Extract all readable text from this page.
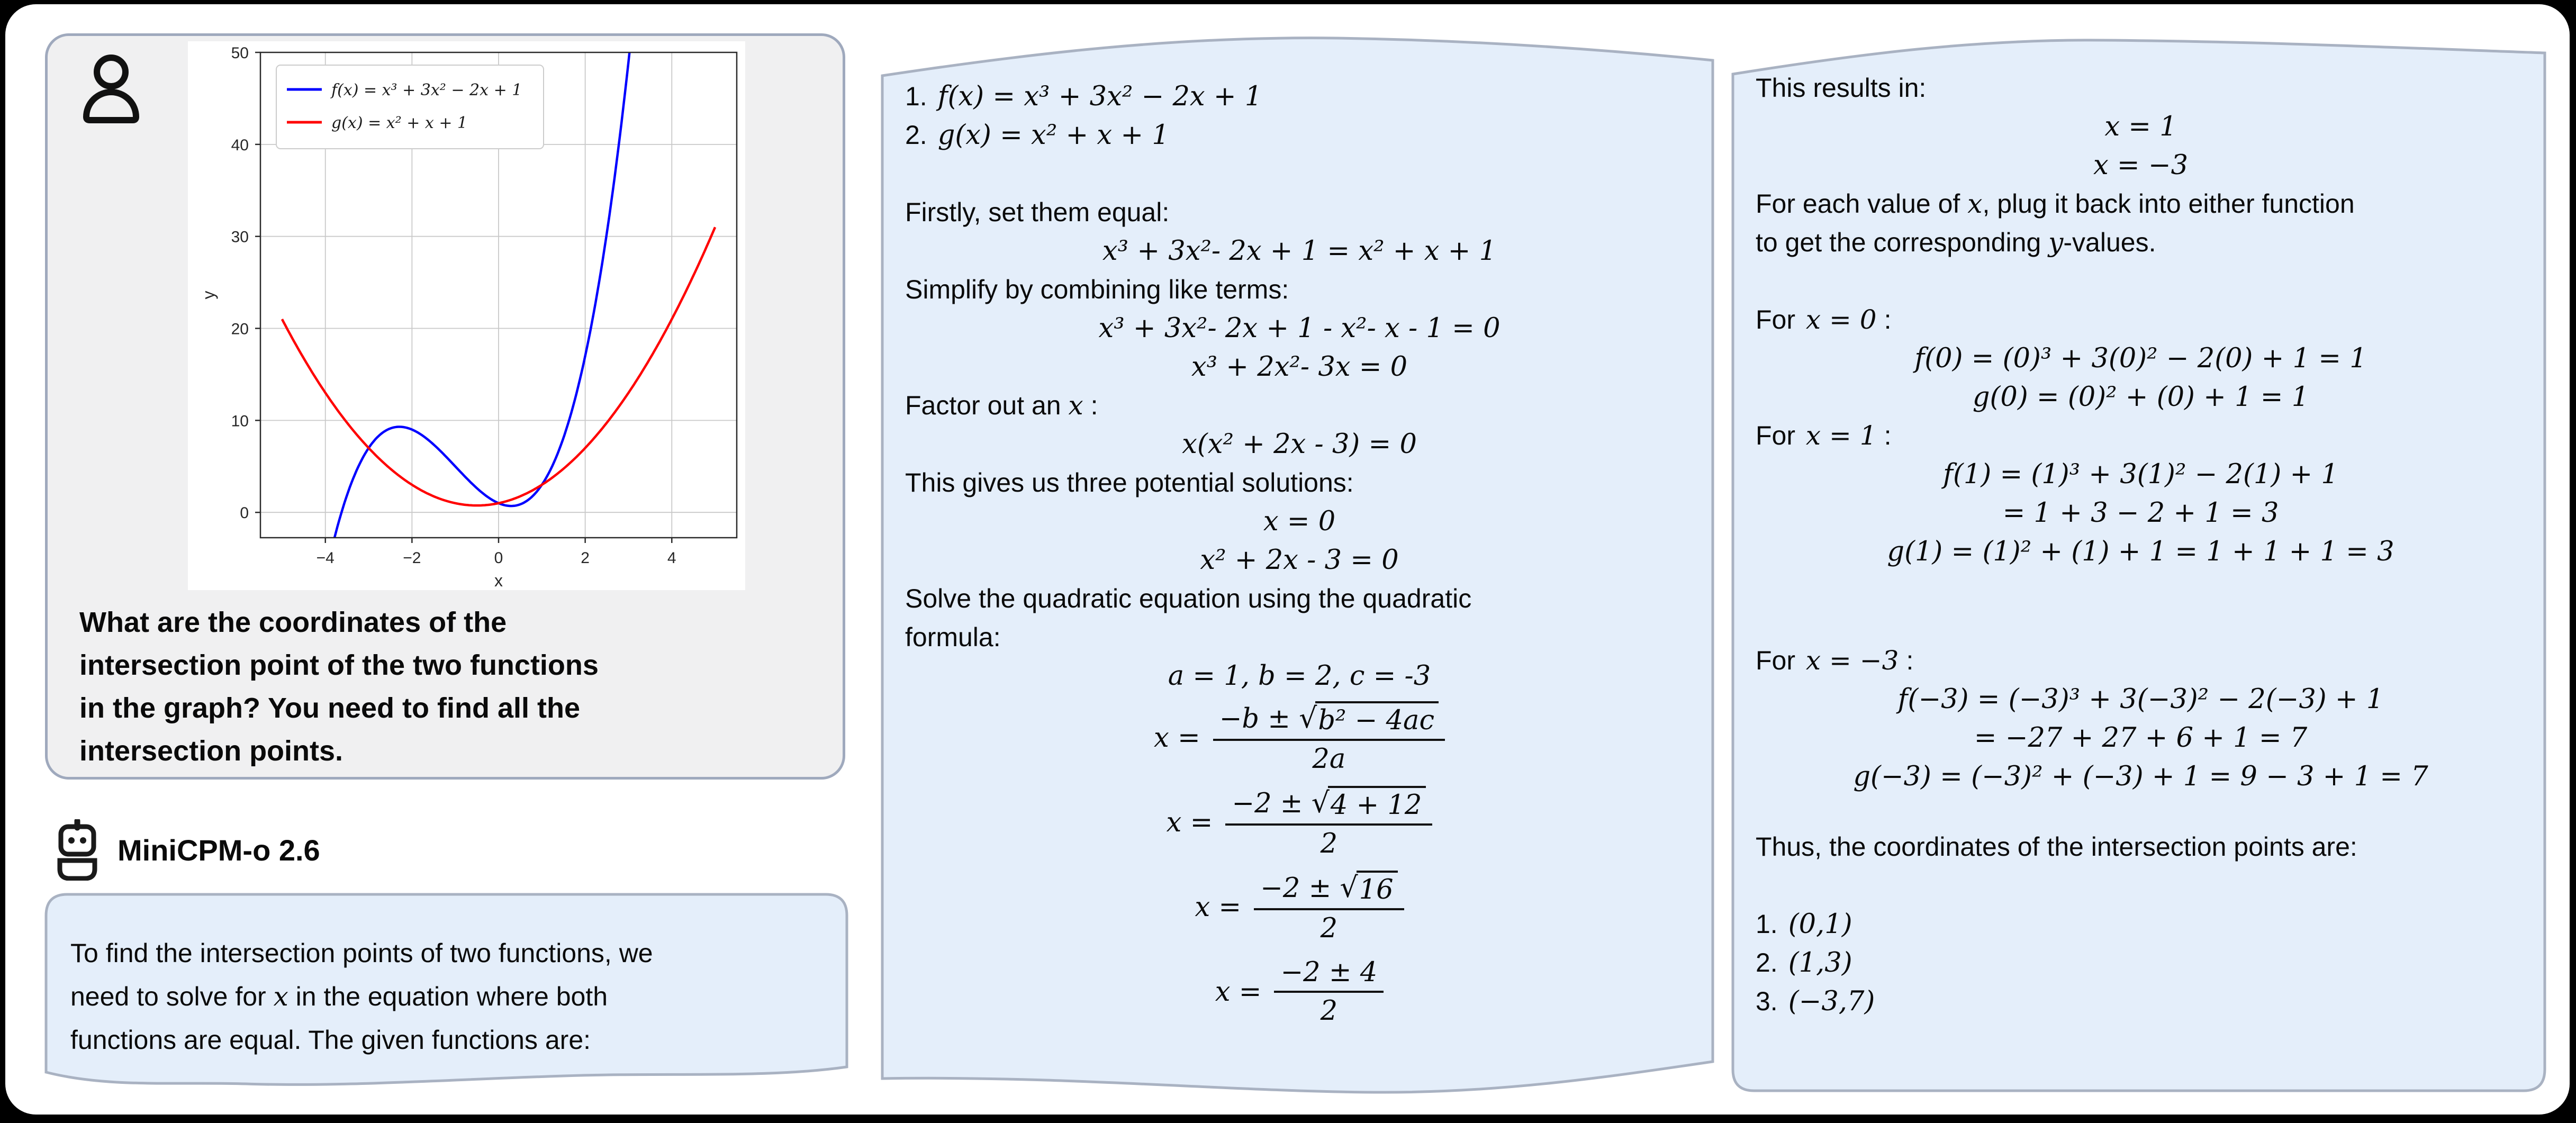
−4	−2	0	2	4
0
10
20
30
40
50
x
y
f(x) = x³ + 3x² − 2x + 1
g(x) = x² + x + 1
What are the coordinates of the
intersection point of the two functions
in the graph? You need to find all the
intersection points.
MiniCPM-o 2.6
To find the intersection points of two functions, we
need to solve for x in the equation where both
functions are equal. The given functions are:
1. f(x) = x³ + 3x² − 2x + 1
2. g(x) = x² + x + 1
Firstly, set them equal:
x³ + 3x²- 2x + 1 = x² + x + 1
Simplify by combining like terms:
x³ + 3x²- 2x + 1 - x²- x - 1 = 0
x³ + 2x²- 3x = 0
Factor out an x :
x(x² + 2x - 3) = 0
This gives us three potential solutions:
x = 0
x² + 2x - 3 = 0
Solve the quadratic equation using the quadratic
formula:
a = 1, b = 2, c = -3
$x = \frac{\text{−b ± √ b² − 4ac}}{2a}$
$x = \frac{-2 \pm √ 4 + 12}{2}$
$x = \frac{-2 \pm √ 16}{2}$
$x = \frac{-2 \pm 4}{2}$
This results in:
x = 1
x = −3
For each value of x, plug it back into either function
to get the corresponding y-values.
For x = 0 :
f(0) = (0)³ + 3(0)² − 2(0) + 1 = 1
g(0) = (0)² + (0) + 1 = 1
For x = 1 :
f(1) = (1)³ + 3(1)² − 2(1) + 1
= 1 + 3 − 2 + 1 = 3
g(1) = (1)² + (1) + 1 = 1 + 1 + 1 = 3
For x = −3 :
f(−3) = (−3)³ + 3(−3)² − 2(−3) + 1
= −27 + 27 + 6 + 1 = 7
g(−3) = (−3)² + (−3) + 1 = 9 − 3 + 1 = 7
Thus, the coordinates of the intersection points are:
1. (0,1)
2. (1,3)
3. (−3,7)
